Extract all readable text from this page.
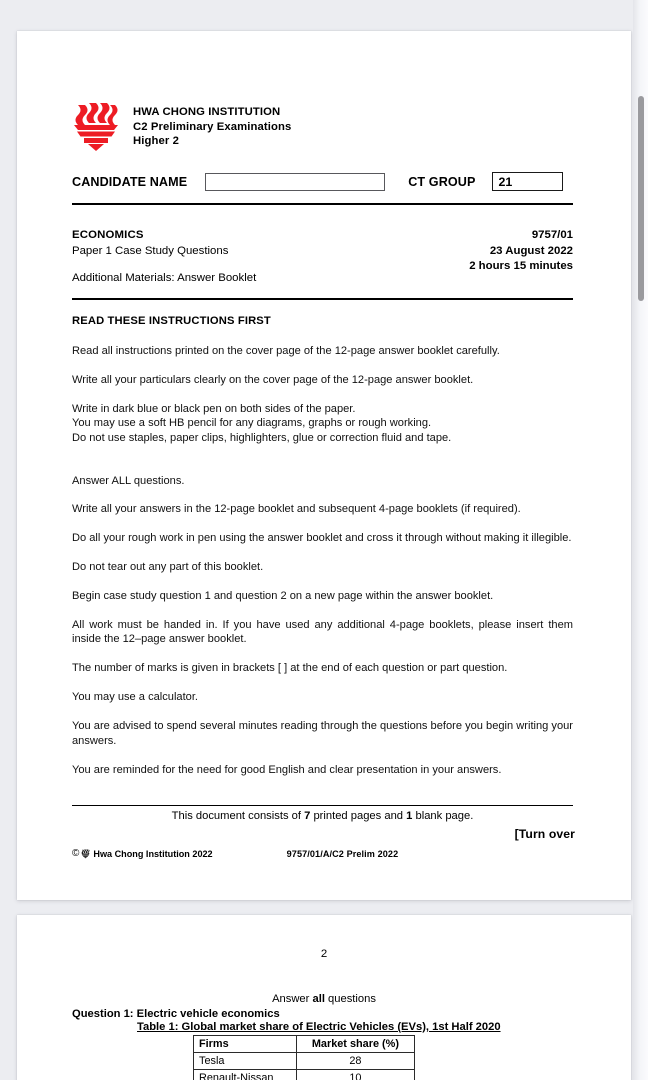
HWA CHONG INSTITUTION
C2 Preliminary Examinations
Higher 2
CANDIDATE NAME	CT GROUP	21
ECONOMICS
Paper 1 Case Study Questions
9757/01
23 August 2022
2 hours 15 minutes
Additional Materials: Answer Booklet
READ THESE INSTRUCTIONS FIRST
Read all instructions printed on the cover page of the 12-page answer booklet carefully.
Write all your particulars clearly on the cover page of the 12-page answer booklet.
Write in dark blue or black pen on both sides of the paper.
You may use a soft HB pencil for any diagrams, graphs or rough working.
Do not use staples, paper clips, highlighters, glue or correction fluid and tape.
Answer ALL questions.
Write all your answers in the 12-page booklet and subsequent 4-page booklets (if required).
Do all your rough work in pen using the answer booklet and cross it through without making it illegible.
Do not tear out any part of this booklet.
Begin case study question 1 and question 2 on a new page within the answer booklet.
All work must be handed in. If you have used any additional 4-page booklets, please insert them inside the 12–page answer booklet.
The number of marks is given in brackets [ ] at the end of each question or part question.
You may use a calculator.
You are advised to spend several minutes reading through the questions before you begin writing your answers.
You are reminded for the need for good English and clear presentation in your answers.
This document consists of 7 printed pages and 1 blank page.
[Turn over
© Hwa Chong Institution 2022	9757/01/A/C2 Prelim 2022
2
Answer all questions
Question 1: Electric vehicle economics
Table 1: Global market share of Electric Vehicles (EVs), 1st Half 2020
Firms	Market share (%)
Tesla	28
Renault-Nissan	10
